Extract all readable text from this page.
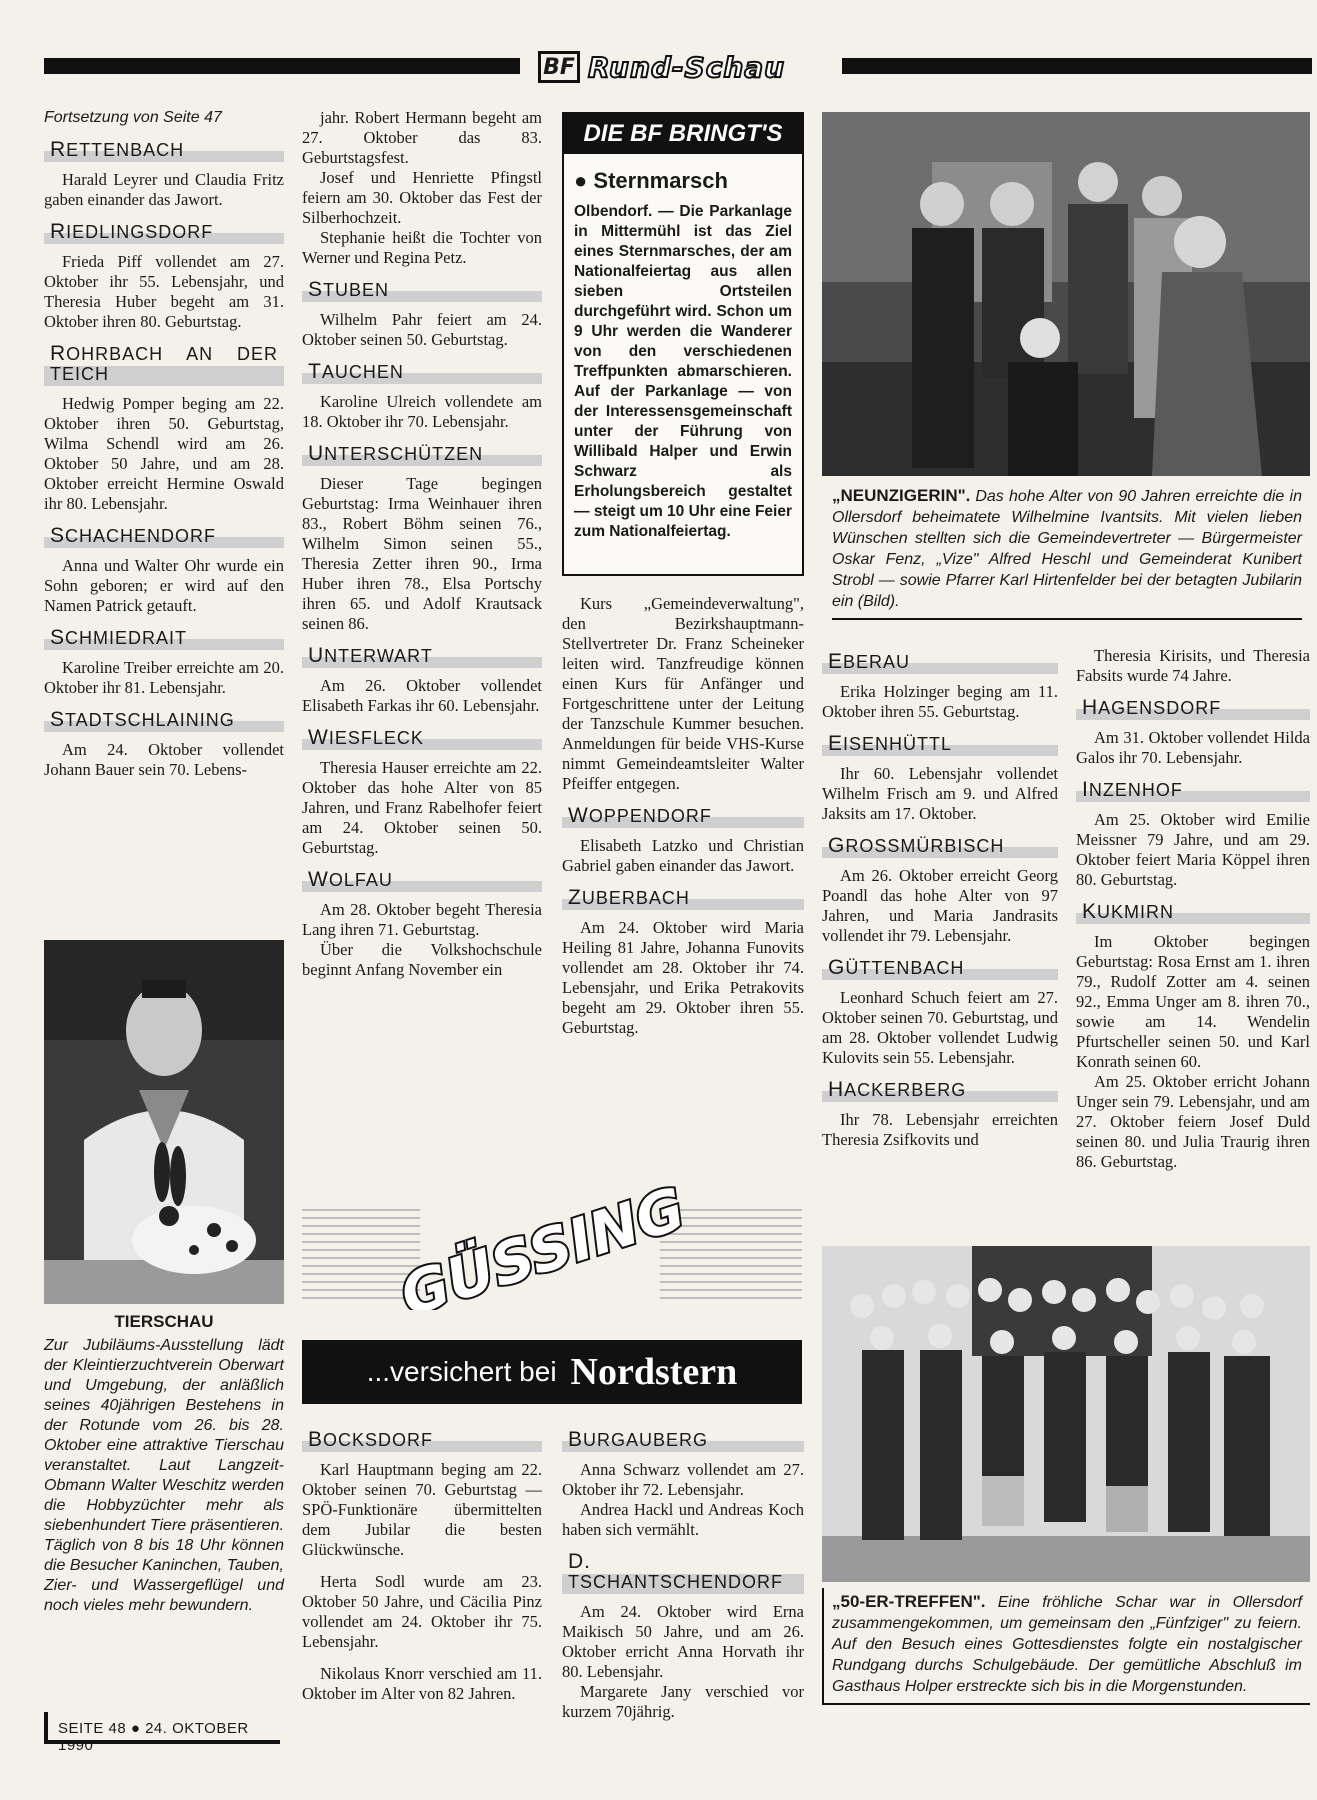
BF Rund-Schau
Fortsetzung von Seite 47
RETTENBACH

Harald Leyrer und Claudia Fritz gaben einander das Jawort.

RIEDLINGSDORF

Frieda Piff vollendet am 27. Oktober ihr 55. Lebensjahr, und Theresia Huber begeht am 31. Oktober ihren 80. Geburtstag.

ROHRBACH AN DER TEICH

Hedwig Pomper beging am 22. Oktober ihren 50. Geburtstag, Wilma Schendl wird am 26. Oktober 50 Jahre, und am 28. Oktober erreicht Hermine Oswald ihr 80. Lebensjahr.

SCHACHENDORF

Anna und Walter Ohr wurde ein Sohn geboren; er wird auf den Namen Patrick getauft.

SCHMIEDRAIT

Karoline Treiber erreichte am 20. Oktober ihr 81. Lebensjahr.

STADTSCHLAINING

Am 24. Oktober vollendet Johann Bauer sein 70. Lebens-

TIERSCHAU
Zur Jubiläums-Ausstellung lädt der Kleintierzuchtverein Oberwart und Umgebung, der anläßlich seines 40jährigen Bestehens in der Rotunde vom 26. bis 28. Oktober eine attraktive Tierschau veranstaltet. Laut Langzeit-Obmann Walter Weschitz werden die Hobbyzüchter mehr als siebenhundert Tiere präsentieren. Täglich von 8 bis 18 Uhr können die Besucher Kaninchen, Tauben, Zier- und Wassergeflügel und noch vieles mehr bewundern.
SEITE 48 ● 24. OKTOBER 1990

jahr. Robert Hermann begeht am 27. Oktober das 83. Geburtstagsfest.

Josef und Henriette Pfingstl feiern am 30. Oktober das Fest der Silberhochzeit.

Stephanie heißt die Tochter von Werner und Regina Petz.

STUBEN

Wilhelm Pahr feiert am 24. Oktober seinen 50. Geburtstag.

TAUCHEN

Karoline Ulreich vollendete am 18. Oktober ihr 70. Lebensjahr.

UNTERSCHÜTZEN

Dieser Tage begingen Geburtstag: Irma Weinhauer ihren 83., Robert Böhm seinen 76., Wilhelm Simon seinen 55., Theresia Zetter ihren 90., Irma Huber ihren 78., Elsa Portschy ihren 65. und Adolf Krautsack seinen 86.

UNTERWART

Am 26. Oktober vollendet Elisabeth Farkas ihr 60. Lebensjahr.

WIESFLECK

Theresia Hauser erreichte am 22. Oktober das hohe Alter von 85 Jahren, und Franz Rabelhofer feiert am 24. Oktober seinen 50. Geburtstag.

WOLFAU

Am 28. Oktober begeht Theresia Lang ihren 71. Geburtstag.

Über die Volkshochschule beginnt Anfang November ein

DIE BF BRINGT'S
● Sternmarsch
Olbendorf. — Die Parkanlage in Mittermühl ist das Ziel eines Sternmarsches, der am Nationalfeiertag aus allen sieben Ortsteilen durchgeführt wird. Schon um 9 Uhr werden die Wanderer von den verschiedenen Treffpunkten abmarschieren. Auf der Parkanlage — von der Interessensgemeinschaft unter der Führung von Willibald Halper und Erwin Schwarz als Erholungsbereich gestaltet — steigt um 10 Uhr eine Feier zum Nationalfeiertag.

Kurs „Gemeindeverwaltung", den Bezirkshauptmann-Stellvertreter Dr. Franz Scheineker leiten wird. Tanzfreudige können einen Kurs für Anfänger und Fortgeschrittene unter der Leitung der Tanzschule Kummer besuchen. Anmeldungen für beide VHS-Kurse nimmt Gemeindeamtsleiter Walter Pfeiffer entgegen.

WOPPENDORF

Elisabeth Latzko und Christian Gabriel gaben einander das Jawort.

ZUBERBACH

Am 24. Oktober wird Maria Heiling 81 Jahre, Johanna Funovits vollendet am 28. Oktober ihr 74. Lebensjahr, und Erika Petrakovits begeht am 29. Oktober ihren 55. Geburtstag.

„NEUNZIGERIN". Das hohe Alter von 90 Jahren erreichte die in Ollersdorf beheimatete Wilhelmine Ivantsits. Mit vielen lieben Wünschen stellten sich die Gemeindevertreter — Bürgermeister Oskar Fenz, „Vize" Alfred Heschl und Gemeinderat Kunibert Strobl — sowie Pfarrer Karl Hirtenfelder bei der betagten Jubilarin ein (Bild).
EBERAU

Erika Holzinger beging am 11. Oktober ihren 55. Geburtstag.

EISENHÜTTL

Ihr 60. Lebensjahr vollendet Wilhelm Frisch am 9. und Alfred Jaksits am 17. Oktober.

GROSSMÜRBISCH

Am 26. Oktober erreicht Georg Poandl das hohe Alter von 97 Jahren, und Maria Jandrasits vollendet ihr 79. Lebensjahr.

GÜTTENBACH

Leonhard Schuch feiert am 27. Oktober seinen 70. Geburtstag, und am 28. Oktober vollendet Ludwig Kulovits sein 55. Lebensjahr.

HACKERBERG

Ihr 78. Lebensjahr erreichten Theresia Zsifkovits und

Theresia Kirisits, und Theresia Fabsits wurde 74 Jahre.

HAGENSDORF

Am 31. Oktober vollendet Hilda Galos ihr 70. Lebensjahr.

INZENHOF

Am 25. Oktober wird Emilie Meissner 79 Jahre, und am 29. Oktober feiert Maria Köppel ihren 80. Geburtstag.

KUKMIRN

Im Oktober begingen Geburtstag: Rosa Ernst am 1. ihren 79., Rudolf Zotter am 4. seinen 92., Emma Unger am 8. ihren 70., sowie am 14. Wendelin Pfurtscheller seinen 50. und Karl Konrath seinen 60.

Am 25. Oktober erricht Johann Unger sein 79. Lebensjahr, und am 27. Oktober feiern Josef Duld seinen 80. und Julia Traurig ihren 86. Geburtstag.

GÜSSING
...versichert bei Nordstern
BOCKSDORF

Karl Hauptmann beging am 22. Oktober seinen 70. Geburtstag — SPÖ-Funktionäre übermittelten dem Jubilar die besten Glückwünsche.

Herta Sodl wurde am 23. Oktober 50 Jahre, und Cäcilia Pinz vollendet am 24. Oktober ihr 75. Lebensjahr.

Nikolaus Knorr verschied am 11. Oktober im Alter von 82 Jahren.

BURGAUBERG

Anna Schwarz vollendet am 27. Oktober ihr 72. Lebensjahr.

Andrea Hackl und Andreas Koch haben sich vermählt.

D. TSCHANTSCHENDORF

Am 24. Oktober wird Erna Maikisch 50 Jahre, und am 26. Oktober erricht Anna Horvath ihr 80. Lebensjahr.

Margarete Jany verschied vor kurzem 70jährig.

„50-ER-TREFFEN". Eine fröhliche Schar war in Ollersdorf zusammengekommen, um gemeinsam den „Fünfziger" zu feiern. Auf den Besuch eines Gottesdienstes folgte ein nostalgischer Rundgang durchs Schulgebäude. Der gemütliche Abschluß im Gasthaus Holper erstreckte sich bis in die Morgenstunden.
